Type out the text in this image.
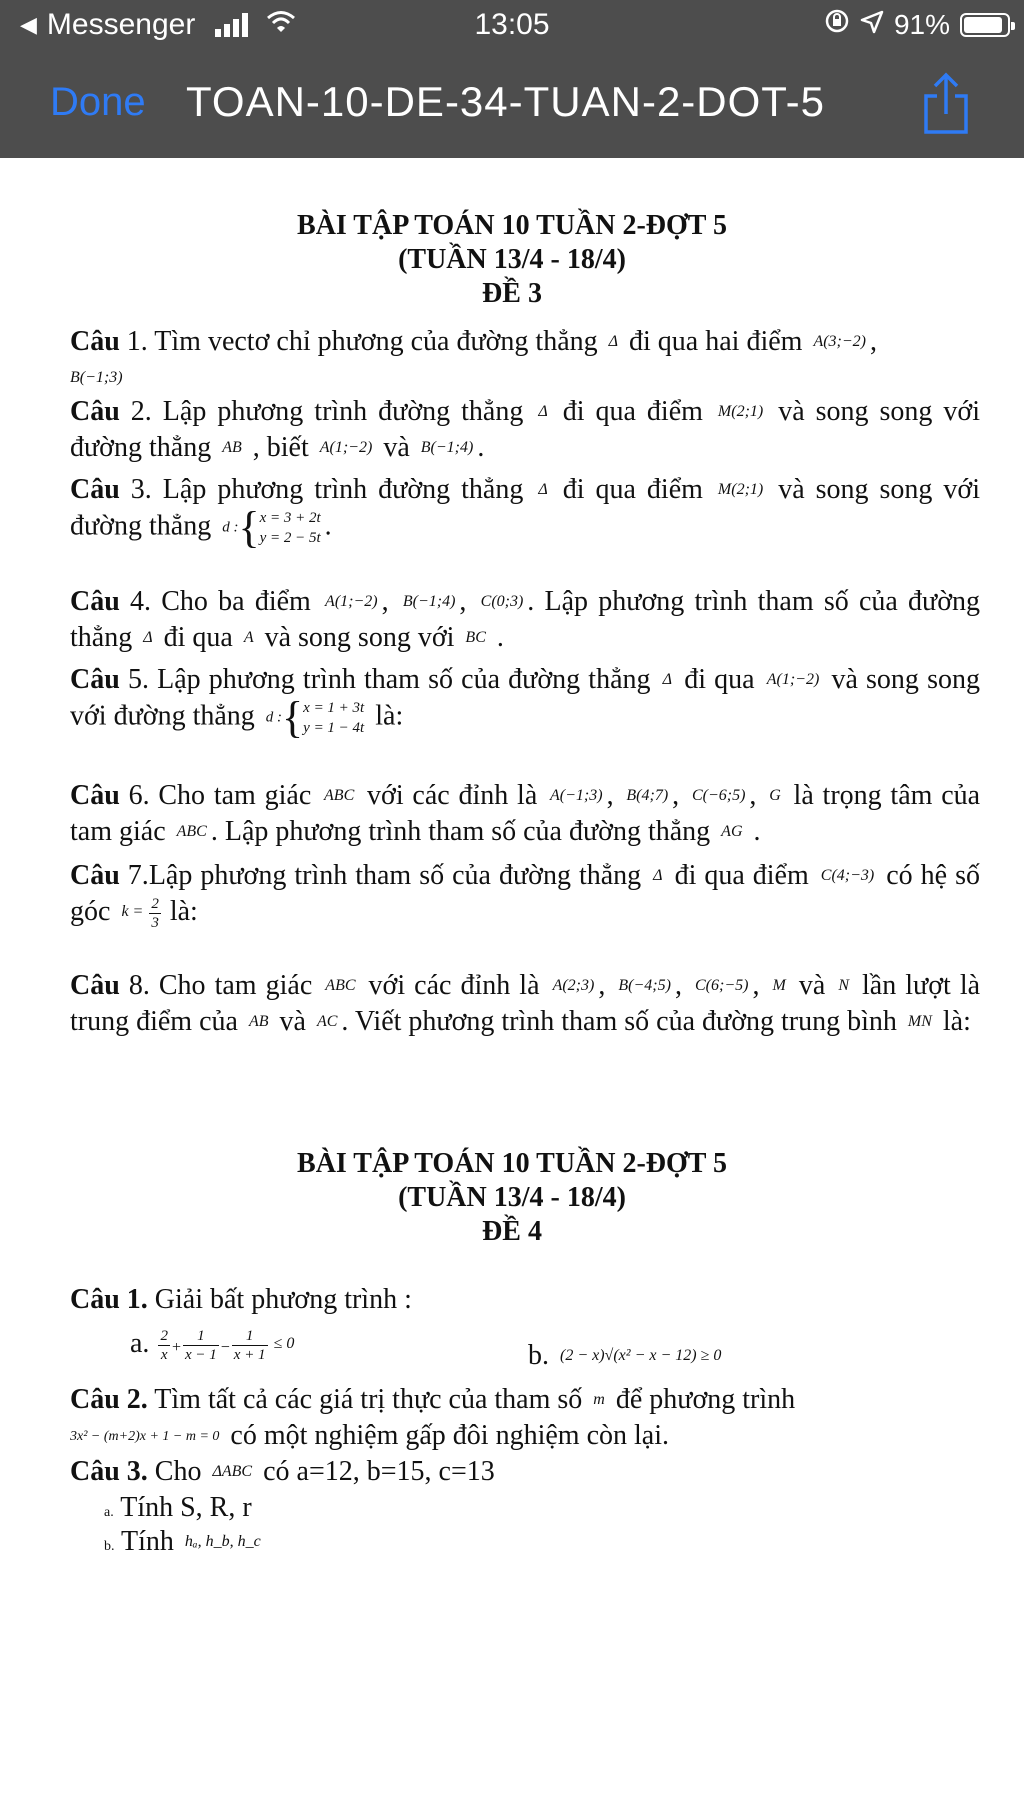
◀ Messenger	13:05	91%
Done TOAN-10-DE-34-TUAN-2-DOT-5
BÀI TẬP TOÁN 10 TUẦN 2-ĐỢT 5
(TUẦN 13/4 - 18/4)
ĐỀ 3
Câu 1. Tìm vectơ chỉ phương của đường thẳng Δ đi qua hai điểm A(3;−2) ,
B(−1;3)
Câu 2. Lập phương trình đường thẳng Δ đi qua điểm M(2;1) và song song với đường thẳng AB , biết A(1;−2) và B(−1;4) .
Câu 3. Lập phương trình đường thẳng Δ đi qua điểm M(2;1) và song song với đường thẳng d :{ x = 3 + 2t
y = 2 − 5t .
Câu 4. Cho ba điểm A(1;−2) , B(−1;4) , C(0;3) . Lập phương trình tham số của đường thẳng Δ đi qua A và song song với BC .
Câu 5. Lập phương trình tham số của đường thẳng Δ đi qua A(1;−2) và song song với đường thẳng d :{ x = 1 + 3t
y = 1 − 4t là:
Câu 6. Cho tam giác ABC với các đỉnh là A(−1;3) , B(4;7) , C(−6;5) , G là trọng tâm của tam giác ABC . Lập phương trình tham số của đường thẳng AG .
Câu 7.Lập phương trình tham số của đường thẳng Δ đi qua điểm C(4;−3) có hệ số góc $k = \frac{2}{3}$ là:
Câu 8. Cho tam giác ABC với các đỉnh là A(2;3) , B(−4;5) , C(6;−5) , M và N lần lượt là trung điểm của AB và AC . Viết phương trình tham số của đường trung bình MN là:
BÀI TẬP TOÁN 10 TUẦN 2-ĐỢT 5
(TUẦN 13/4 - 18/4)
ĐỀ 4
Câu 1. Giải bất phương trình :
a. $\frac{2}{x} + \frac{1}{x - 1} - \frac{1}{x + 1} \le 0$	b. (2 − x)√(x² − x − 12) ≥ 0
Câu 2. Tìm tất cả các giá trị thực của tham số m để phương trình
3x² − (m+2)x + 1 − m = 0 có một nghiệm gấp đôi nghiệm còn lại.
Câu 3. Cho ΔABC có a=12, b=15, c=13
a. Tính S, R, r
b. Tính hₐ, h_b, h_c
